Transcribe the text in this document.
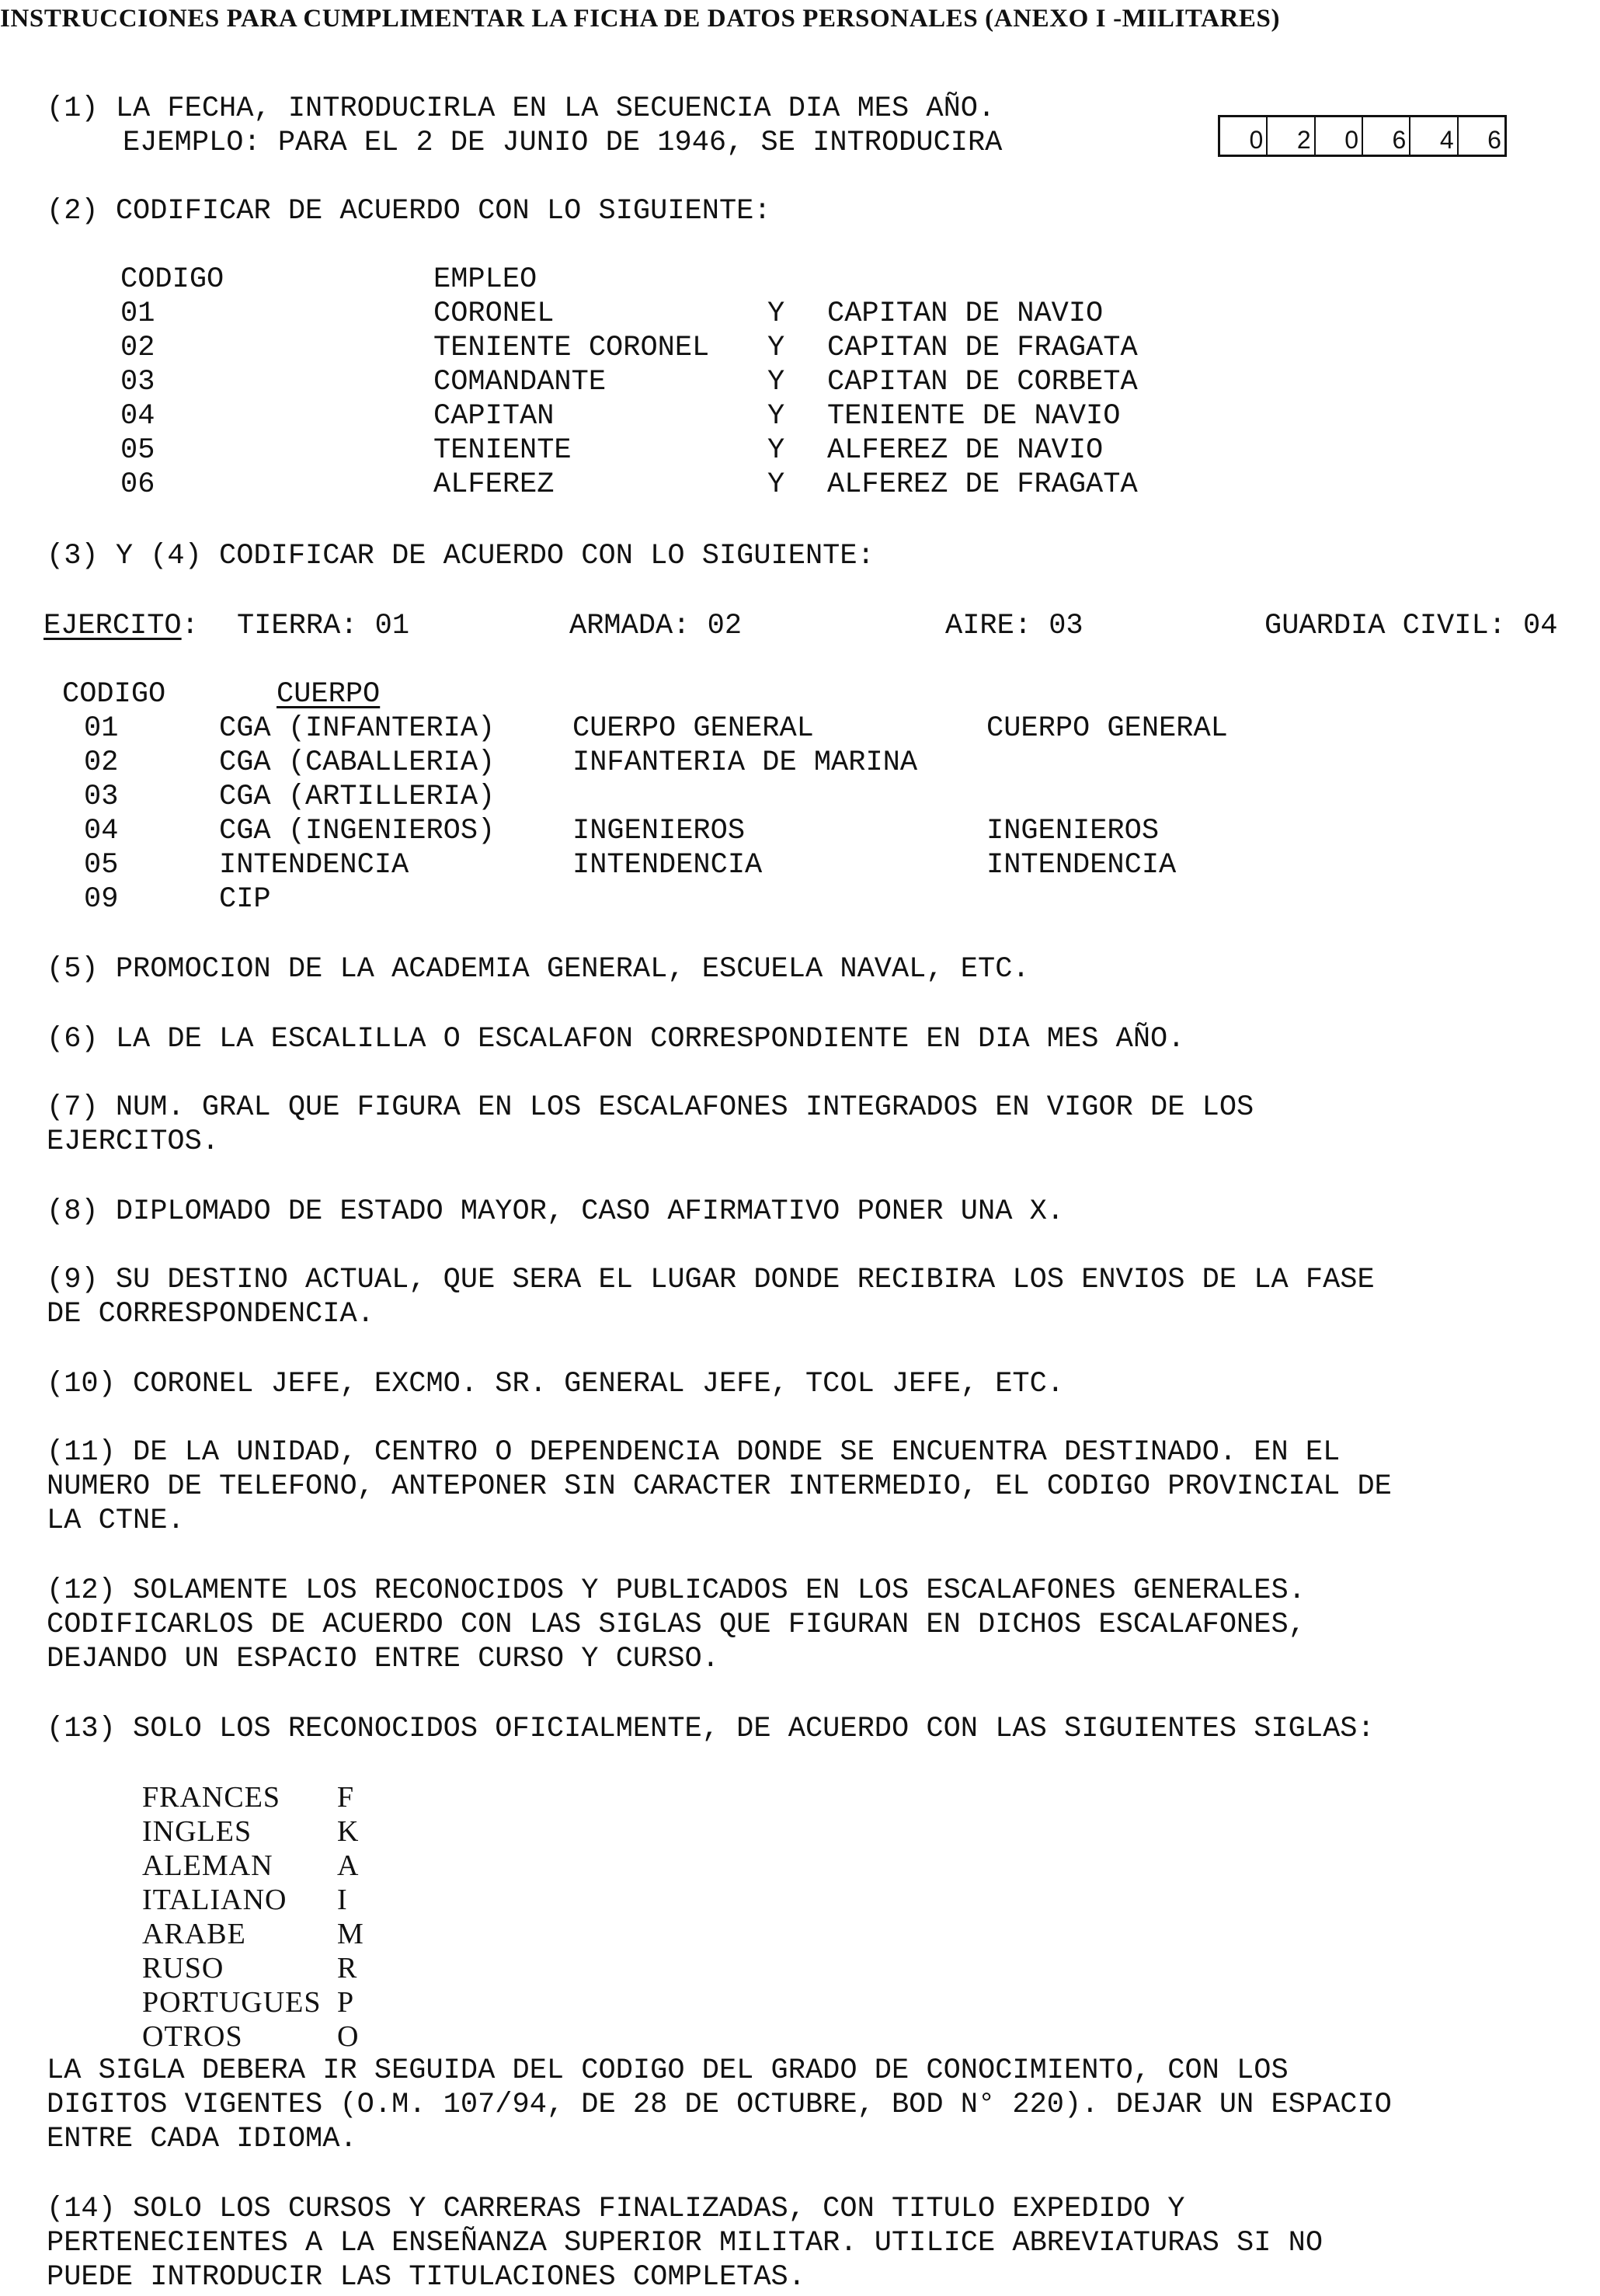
INSTRUCCIONES PARA CUMPLIMENTAR LA FICHA DE DATOS PERSONALES (ANEXO I -MILITARES)
(1) LA FECHA, INTRODUCIRLA EN LA SECUENCIA DIA MES AÑO.
EJEMPLO: PARA EL 2 DE JUNIO DE 1946, SE INTRODUCIRA	0	2	0	6	4	6
(2) CODIFICAR DE ACUERDO CON LO SIGUIENTE:
CODIGO	EMPLEO
01	CORONEL	Y CAPITAN DE NAVIO
02	TENIENTE CORONEL Y CAPITAN DE FRAGATA
03	COMANDANTE	Y CAPITAN DE CORBETA
04	CAPITAN	Y TENIENTE DE NAVIO
05	TENIENTE	Y ALFEREZ DE NAVIO
06	ALFEREZ	Y ALFEREZ DE FRAGATA
(3) Y (4) CODIFICAR DE ACUERDO CON LO SIGUIENTE:
EJERCITO: TIERRA: 01	ARMADA: 02	AIRE: 03	GUARDIA CIVIL: 04
CODIGO	CUERPO
01	CGA (INFANTERIA)	CUERPO GENERAL	CUERPO GENERAL
02	CGA (CABALLERIA)	INFANTERIA DE MARINA
03	CGA (ARTILLERIA)
04	CGA (INGENIEROS)	INGENIEROS	INGENIEROS
05	INTENDENCIA	INTENDENCIA	INTENDENCIA
09	CIP
(5) PROMOCION DE LA ACADEMIA GENERAL, ESCUELA NAVAL, ETC.
(6) LA DE LA ESCALILLA O ESCALAFON CORRESPONDIENTE EN DIA MES AÑO.
(7) NUM. GRAL QUE FIGURA EN LOS ESCALAFONES INTEGRADOS EN VIGOR DE LOS
EJERCITOS.
(8) DIPLOMADO DE ESTADO MAYOR, CASO AFIRMATIVO PONER UNA X.
(9) SU DESTINO ACTUAL, QUE SERA EL LUGAR DONDE RECIBIRA LOS ENVIOS DE LA FASE
DE CORRESPONDENCIA.
(10) CORONEL JEFE, EXCMO. SR. GENERAL JEFE, TCOL JEFE, ETC.
(11) DE LA UNIDAD, CENTRO O DEPENDENCIA DONDE SE ENCUENTRA DESTINADO. EN EL
NUMERO DE TELEFONO, ANTEPONER SIN CARACTER INTERMEDIO, EL CODIGO PROVINCIAL DE
LA CTNE.
(12) SOLAMENTE LOS RECONOCIDOS Y PUBLICADOS EN LOS ESCALAFONES GENERALES.
CODIFICARLOS DE ACUERDO CON LAS SIGLAS QUE FIGURAN EN DICHOS ESCALAFONES,
DEJANDO UN ESPACIO ENTRE CURSO Y CURSO.
(13) SOLO LOS RECONOCIDOS OFICIALMENTE, DE ACUERDO CON LAS SIGUIENTES SIGLAS:
FRANCES F
INGLES	K
ALEMAN A
ITALIANO I
ARABE	M
RUSO	R
PORTUGUES P
OTROS	O
LA SIGLA DEBERA IR SEGUIDA DEL CODIGO DEL GRADO DE CONOCIMIENTO, CON LOS
DIGITOS VIGENTES (O.M. 107/94, DE 28 DE OCTUBRE, BOD N° 220). DEJAR UN ESPACIO
ENTRE CADA IDIOMA.
(14) SOLO LOS CURSOS Y CARRERAS FINALIZADAS, CON TITULO EXPEDIDO Y
PERTENECIENTES A LA ENSEÑANZA SUPERIOR MILITAR. UTILICE ABREVIATURAS SI NO
PUEDE INTRODUCIR LAS TITULACIONES COMPLETAS.
